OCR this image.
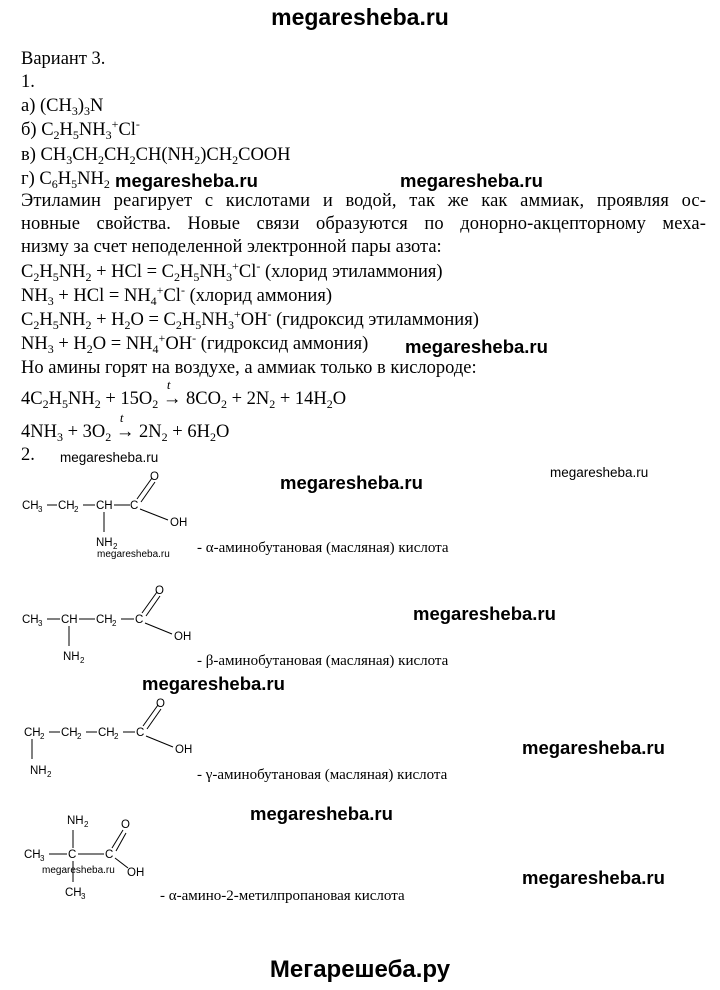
megaresheba.ru
Мегарешеба.ру
Вариант 3.
1.
а) $(CH_3)_3N$
б) $C_2H_5NH_3^+Cl^-$
в) $CH_3CH_2CH_2CH(NH_2)CH_2COOH$
г) $C_6H_5NH_2$
Этиламин реагирует с кислотами и водой, так же как аммиак, проявляя ос-
новные свойства. Новые связи образуются по донорно-акцепторному меха-
низму за счет неподеленной электронной пары азота:
$C_2H_5NH_2$ + HCl = $C_2H_5NH_3^+Cl^-$ (хлорид этиламмония)
$NH_3$ + HCl = $NH_4^+Cl^-$ (хлорид аммония)
$C_2H_5NH_2 + H_2O = C_2H_5NH_3^+OH^-$ (гидроксид этиламмония)
$NH_3 + H_2O = NH_4^+OH^-$ (гидроксид аммония)
Но амины горят на воздухе, а аммиак только в кислороде:
$4C_2H_5NH_2 + 15O_2$
t
→ $8CO_2 + 2N_2 + 14H_2O$
$4NH_3 + 3O_2$
t
→ $2N_2 + 6H_2O$
2.
CH 3 CH 2 CH C
O
OH
NH 2	- α-аминобутановая (масляная) кислота
CH 3 CH CH 2 C
O
OH
NH 2	- β-аминобутановая (масляная) кислота
CH 2 CH 2 CH 2 C
O
OH
NH 2	- γ-аминобутановая (масляная) кислота
NH 2
CH 3 C C
O
OH
CH 3	- α-амино-2-метилпропановая кислота
megaresheba.ru	megaresheba.ru
megaresheba.ru
megaresheba.ru
megaresheba.ru
megaresheba.ru
megaresheba.ru
megaresheba.ru
megaresheba.ru
megaresheba.ru
megaresheba.ru
megaresheba.ru
megaresheba.ru
